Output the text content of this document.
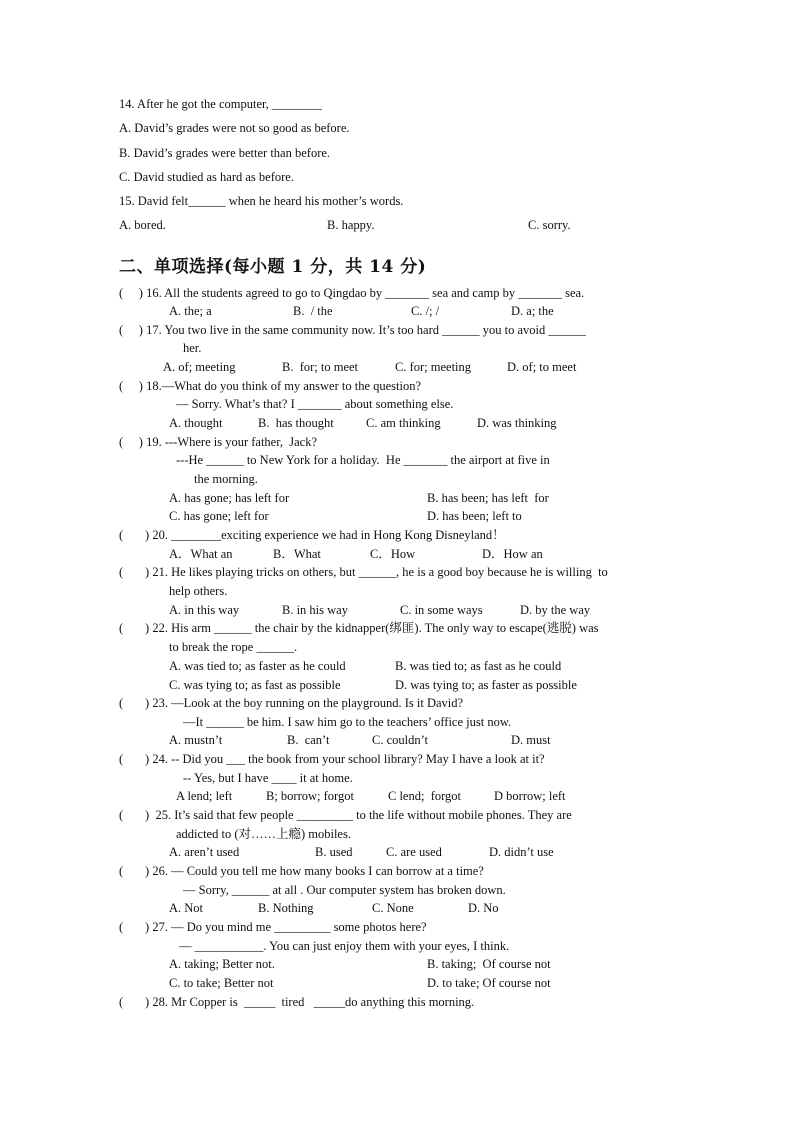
14. After he got the computer, ________
A. David’s grades were not so good as before.
B. David’s grades were better than before.
C. David studied as hard as before.
15. David felt______ when he heard his mother’s words.
A. bored.	B. happy.	C. sorry.
二、单项选择(每小题 1 分，共 14 分)
(     ) 16. All the students agreed to go to Qingdao by _______ sea and camp by _______ sea.
A. the; a	B.  / the	C. /; /	D. a; the
(     ) 17. You two live in the same community now. It’s too hard ______ you to avoid ______
her.
A. of; meeting	B.  for; to meet	C. for; meeting	D. of; to meet
(     ) 18.—What do you think of my answer to the question?
— Sorry. What’s that? I _______ about something else.
A. thought	B.  has thought	C. am thinking	D. was thinking
(     ) 19. ---Where is your father,  Jack?
---He ______ to New York for a holiday.  He _______ the airport at five in
the morning.
A. has gone; has left for	B. has been; has left  for
C. has gone; left for	D. has been; left to
(       ) 20. ________exciting experience we had in Hong Kong Disneyland！
A．What an	B．What	C．How	D．How an
(       ) 21. He likes playing tricks on others, but ______, he is a good boy because he is willing  to
help others.
A. in this way	B. in his way	C. in some ways	D. by the way
(       ) 22. His arm ______ the chair by the kidnapper(绑匪). The only way to escape(逃脱) was
to break the rope ______.
A. was tied to; as faster as he could	B. was tied to; as fast as he could
C. was tying to; as fast as possible	D. was tying to; as faster as possible
(       ) 23. —Look at the boy running on the playground. Is it David?
—It ______ be him. I saw him go to the teachers’ office just now.
A. mustn’t	B.  can’t	C. couldn’t	D. must
(       ) 24. -- Did you ___ the book from your school library? May I have a look at it?
-- Yes, but I have ____ it at home.
A lend; left	B; borrow; forgot	C lend;  forgot	D borrow; left
(       )  25. It’s said that few people _________ to the life without mobile phones. They are
addicted to (对……上瘾) mobiles.
A. aren’t used	B. used	C. are used	D. didn’t use
(       ) 26. — Could you tell me how many books I can borrow at a time?
— Sorry, ______ at all . Our computer system has broken down.
A. Not	B. Nothing	C. None	D. No
(       ) 27. — Do you mind me _________ some photos here?
— ___________. You can just enjoy them with your eyes, I think.
A. taking; Better not.	B. taking;  Of course not
C. to take; Better not	D. to take; Of course not
(       ) 28. Mr Copper is  _____  tired   _____do anything this morning.
